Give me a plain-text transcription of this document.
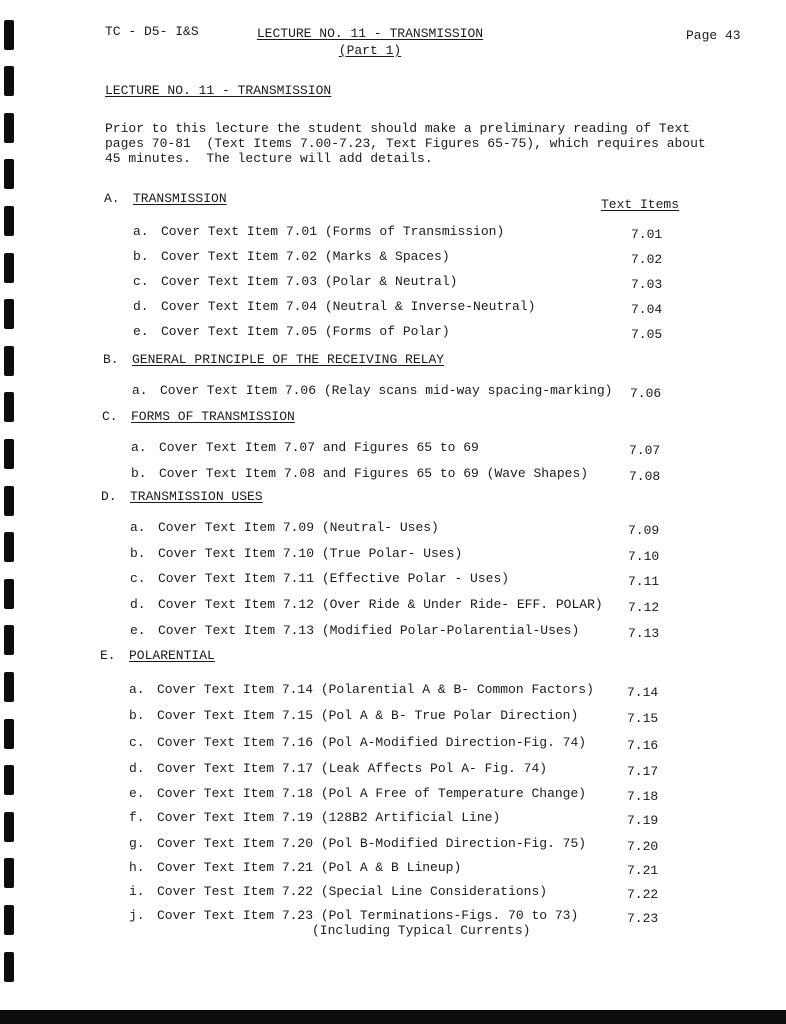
TC - D5- I&S	LECTURE NO. 11 - TRANSMISSION
(Part 1)
Page 43
LECTURE NO. 11 - TRANSMISSION
Prior to this lecture the student should make a preliminary reading of Text
pages 70-81  (Text Items 7.00-7.23, Text Figures 65-75), which requires about
45 minutes.  The lecture will add details.
Text Items
A. TRANSMISSION
a. Cover Text Item 7.01 (Forms of Transmission)	7.01
b. Cover Text Item 7.02 (Marks & Spaces)	7.02
c. Cover Text Item 7.03 (Polar & Neutral)	7.03
d. Cover Text Item 7.04 (Neutral & Inverse-Neutral)	7.04
e. Cover Text Item 7.05 (Forms of Polar)	7.05
B. GENERAL PRINCIPLE OF THE RECEIVING RELAY
a. Cover Text Item 7.06 (Relay scans mid-way spacing-marking) 7.06
C. FORMS OF TRANSMISSION
a. Cover Text Item 7.07 and Figures 65 to 69	7.07
b. Cover Text Item 7.08 and Figures 65 to 69 (Wave Shapes)	7.08
D. TRANSMISSION USES
a. Cover Text Item 7.09 (Neutral- Uses)	7.09
b. Cover Text Item 7.10 (True Polar- Uses)	7.10
c. Cover Text Item 7.11 (Effective Polar - Uses)	7.11
d. Cover Text Item 7.12 (Over Ride & Under Ride- EFF. POLAR) 7.12
e. Cover Text Item 7.13 (Modified Polar-Polarential-Uses)	7.13
E. POLARENTIAL
a. Cover Text Item 7.14 (Polarential A & B- Common Factors)	7.14
b. Cover Text Item 7.15 (Pol A & B- True Polar Direction)	7.15
c. Cover Text Item 7.16 (Pol A-Modified Direction-Fig. 74)	7.16
d. Cover Text Item 7.17 (Leak Affects Pol A- Fig. 74)	7.17
e. Cover Text Item 7.18 (Pol A Free of Temperature Change)	7.18
f. Cover Text Item 7.19 (128B2 Artificial Line)	7.19
g. Cover Text Item 7.20 (Pol B-Modified Direction-Fig. 75)	7.20
h. Cover Text Item 7.21 (Pol A & B Lineup)	7.21
i. Cover Test Item 7.22 (Special Line Considerations)	7.22
j. Cover Text Item 7.23 (Pol Terminations-Figs. 70 to 73)	7.23
(Including Typical Currents)
